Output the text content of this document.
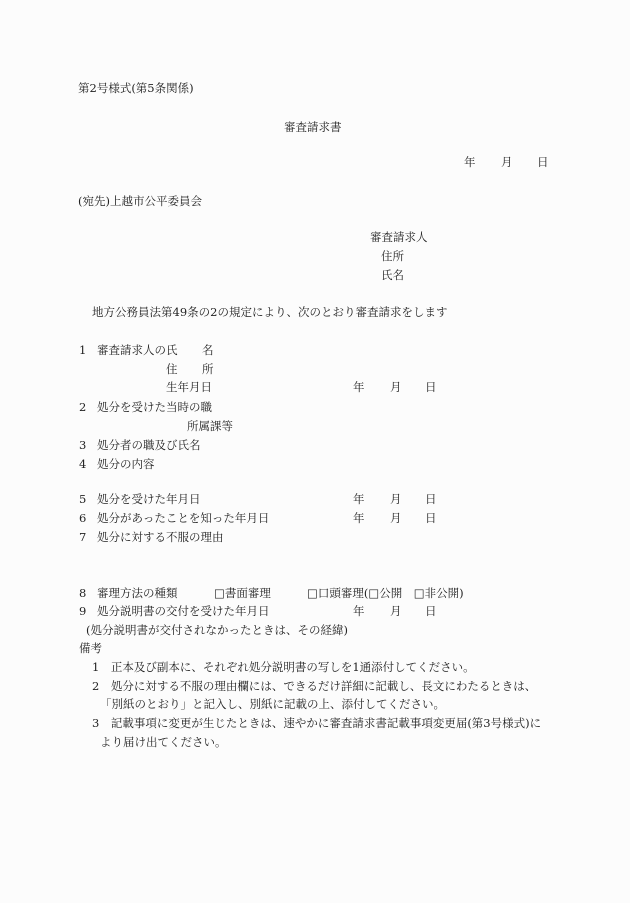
第2号様式(第5条関係)
審査請求書
年 月 日
(宛先)上越市公平委員会
審査請求人
住所
氏名
地方公務員法第49条の2の規定により、次のとおり審査請求をします
1 審査請求人の氏 名
住 所
生年月日	年 月 日
2 処分を受けた当時の職
所属課等
3 処分者の職及び氏名
4 処分の内容
5 処分を受けた年月日	年 月 日
6 処分があったことを知った年月日	年 月 日
7 処分に対する不服の理由
8 審理方法の種類	□書面審理	□口頭審理(□公開　□非公開)
9 処分説明書の交付を受けた年月日	年 月 日
(処分説明書が交付されなかったときは、その経緯)
備考
1　正本及び副本に、それぞれ処分説明書の写しを1通添付してください。
2　処分に対する不服の理由欄には、できるだけ詳細に記載し、長文にわたるときは、
「別紙のとおり」と記入し、別紙に記載の上、添付してください。
3　記載事項に変更が生じたときは、速やかに審査請求書記載事項変更届(第3号様式)に
より届け出てください。
